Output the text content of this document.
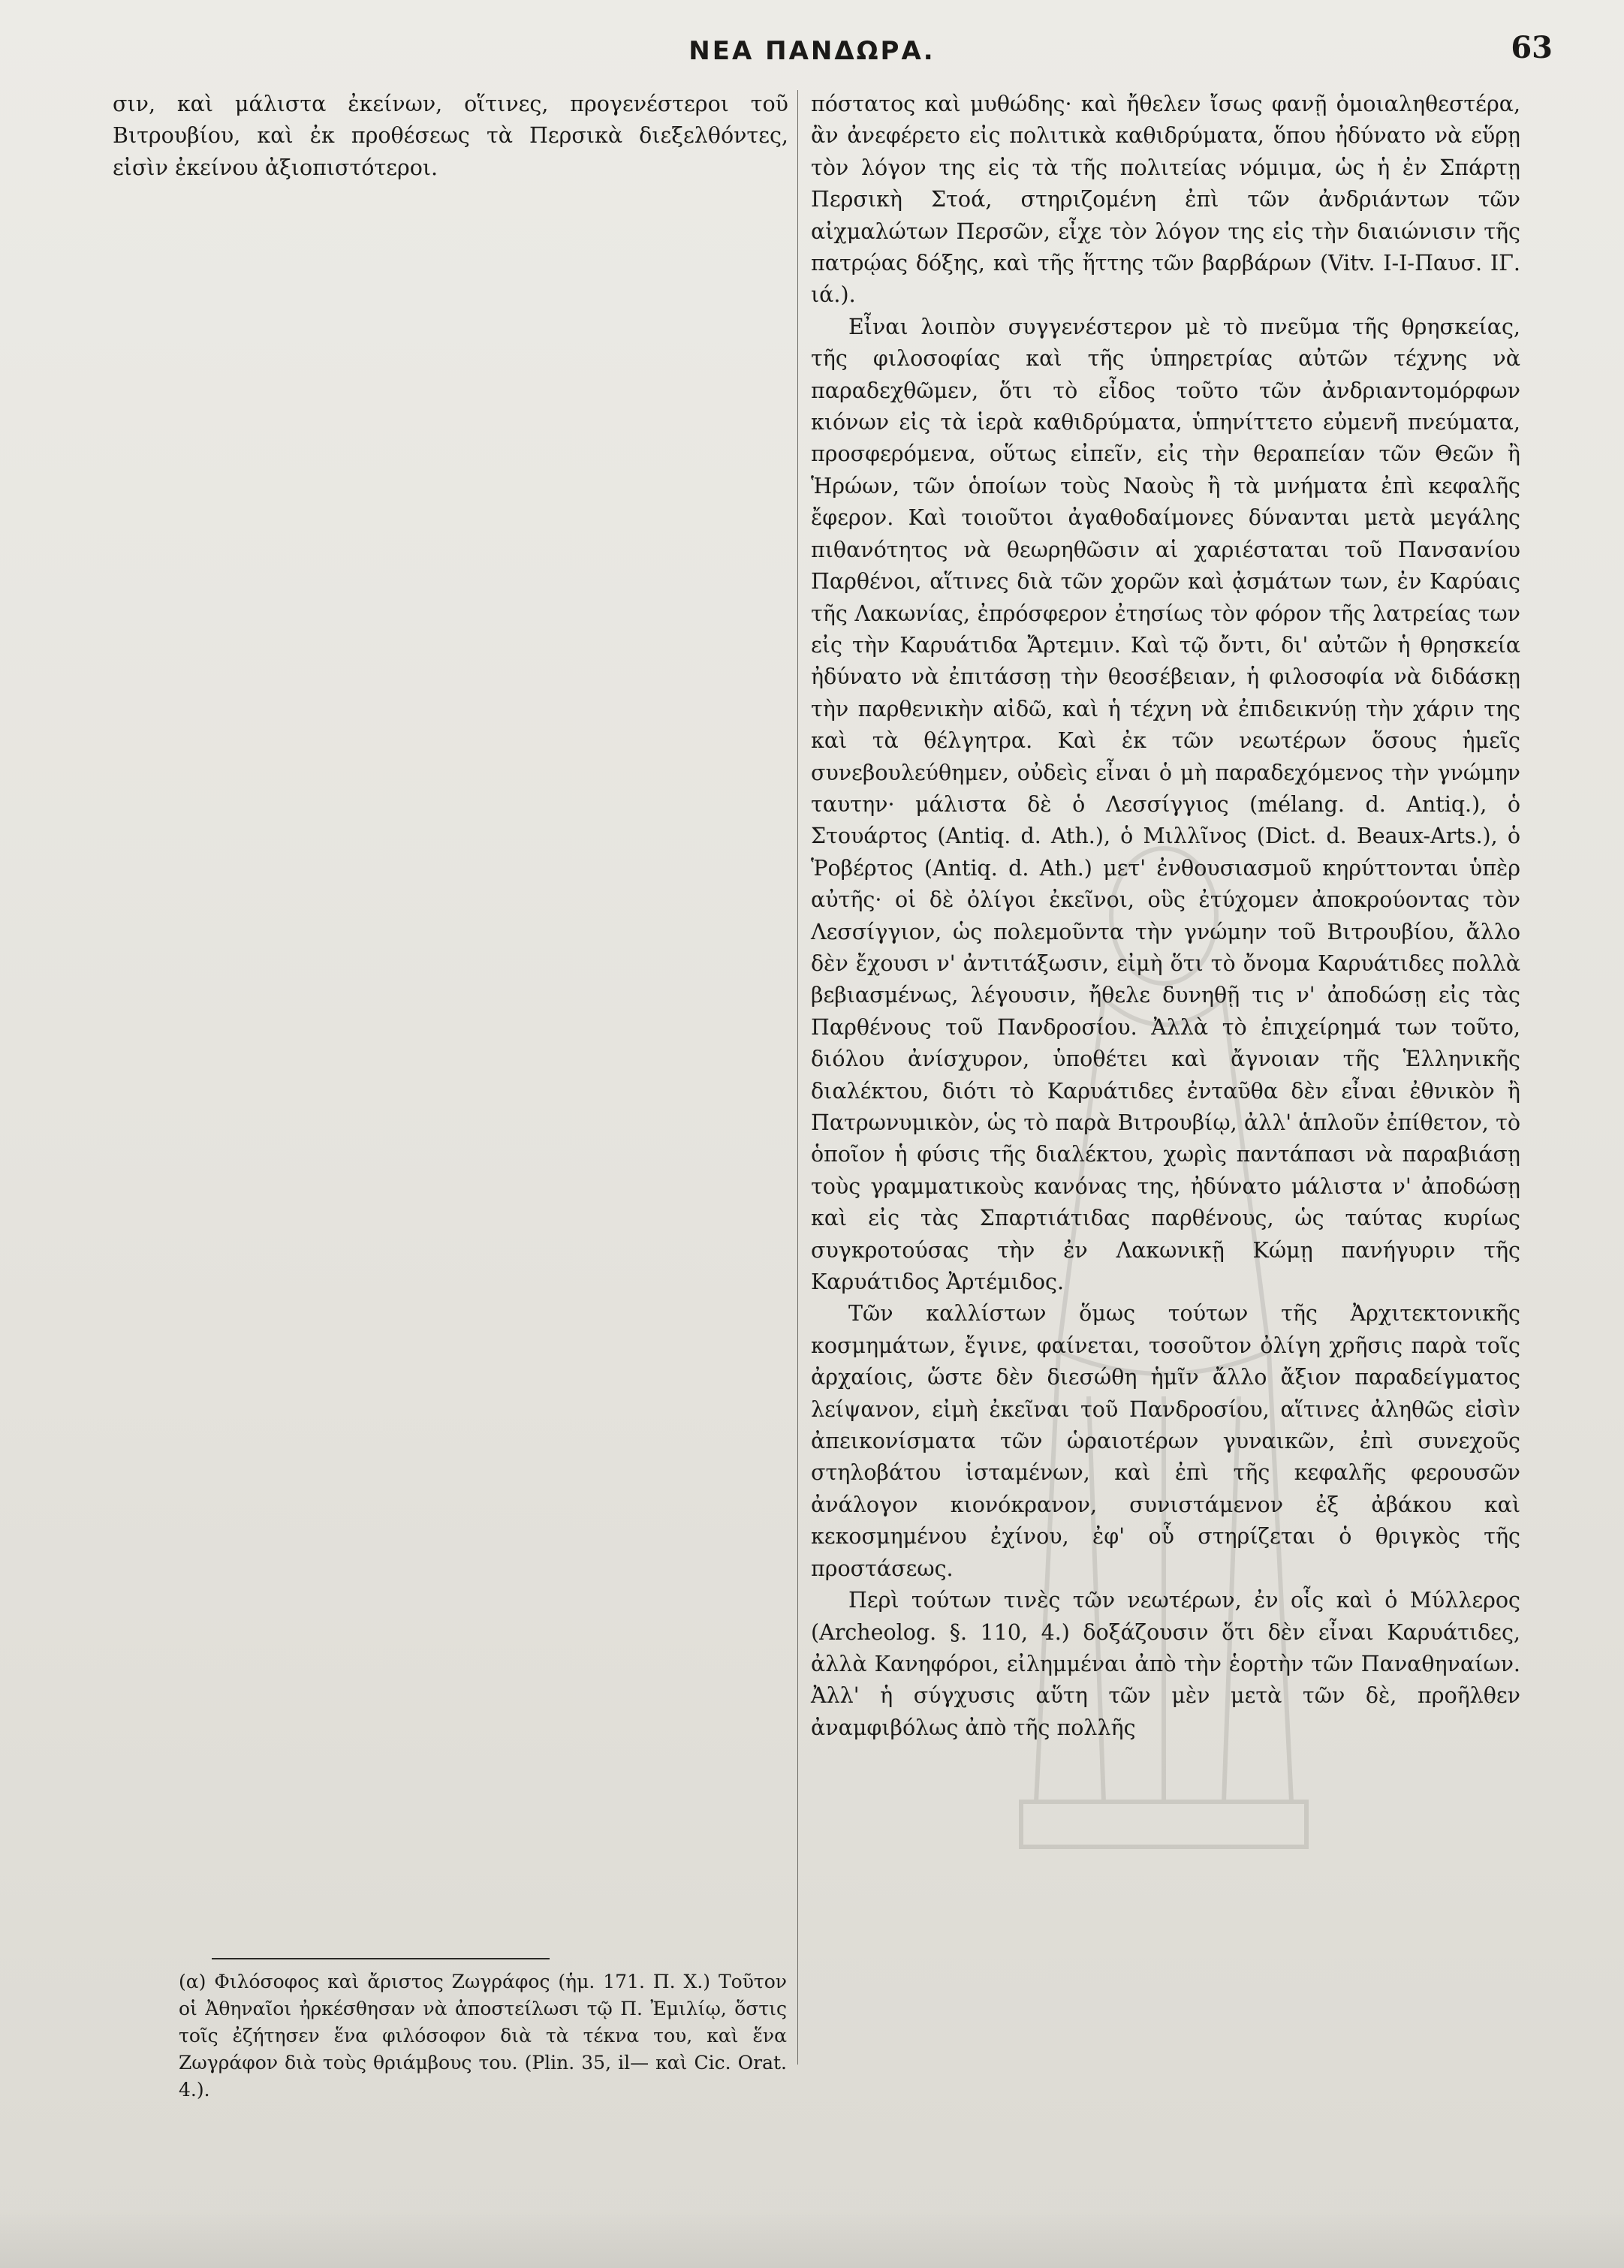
ΝΕΑ ΠΑΝΔΩΡΑ.	63

σιν, καὶ μάλιστα ἐκείνων, οἵτινες, προγενέστεροι τοῦ Βιτρουβίου, καὶ ἐκ προθέσεως τὰ Περσικὰ διεξελθόντες, εἰσὶν ἐκείνου ἀξιοπιστότεροι.

πόστατος καὶ μυθώδης· καὶ ἤθελεν ἴσως φανῇ ὁμοιαληθεστέρα, ἂν ἀνεφέρετο εἰς πολιτικὰ καθιδρύματα, ὅπου ἠδύνατο νὰ εὕρῃ τὸν λόγον της εἰς τὰ τῆς πολιτείας νόμιμα, ὡς ἡ ἐν Σπάρτῃ Περσικὴ Στοά, στηριζομένη ἐπὶ τῶν ἀνδριάντων τῶν αἰχμαλώτων Περσῶν, εἶχε τὸν λόγον της εἰς τὴν διαιώνισιν τῆς πατρῴας δόξης, καὶ τῆς ἥττης τῶν βαρβάρων (Vitv. I-I-Παυσ. ΙΓ. ιά.).

Εἶναι λοιπὸν συγγενέστερον μὲ τὸ πνεῦμα τῆς θρησκείας, τῆς φιλοσοφίας καὶ τῆς ὑπηρετρίας αὐτῶν τέχνης νὰ παραδεχθῶμεν, ὅτι τὸ εἶδος τοῦτο τῶν ἀνδριαντομόρφων κιόνων εἰς τὰ ἱερὰ καθιδρύματα, ὑπηνίττετο εὐμενῆ πνεύματα, προσφερόμενα, οὕτως εἰπεῖν, εἰς τὴν θεραπείαν τῶν Θεῶν ἢ Ἡρώων, τῶν ὁποίων τοὺς Ναοὺς ἢ τὰ μνήματα ἐπὶ κεφαλῆς ἔφερον. Καὶ τοιοῦτοι ἀγαθοδαίμονες δύνανται μετὰ μεγάλης πιθανότητος νὰ θεωρηθῶσιν αἱ χαριέσταται τοῦ Πανσανίου Παρθένοι, αἵτινες διὰ τῶν χορῶν καὶ ᾀσμάτων των, ἐν Καρύαις τῆς Λακωνίας, ἐπρόσφερον ἐτησίως τὸν φόρον τῆς λατρείας των εἰς τὴν Καρυάτιδα Ἄρτεμιν. Καὶ τῷ ὄντι, δι' αὐτῶν ἡ θρησκεία ἠδύνατο νὰ ἐπιτάσσῃ τὴν θεοσέβειαν, ἡ φιλοσοφία νὰ διδάσκῃ τὴν παρθενικὴν αἰδῶ, καὶ ἡ τέχνη νὰ ἐπιδεικνύῃ τὴν χάριν της καὶ τὰ θέλγητρα. Καὶ ἐκ τῶν νεωτέρων ὅσους ἡμεῖς συνεβουλεύθημεν, οὐδεὶς εἶναι ὁ μὴ παραδεχόμενος τὴν γνώμην ταυτην· μάλιστα δὲ ὁ Λεσσίγγιος (mélang. d. Antiq.), ὁ Στουάρτος (Antiq. d. Ath.), ὁ Μιλλῖνος (Dict. d. Beaux-Arts.), ὁ Ῥοβέρτος (Antiq. d. Ath.) μετ' ἐνθουσιασμοῦ κηρύττονται ὑπὲρ αὐτῆς· οἱ δὲ ὀλίγοι ἐκεῖνοι, οὓς ἐτύχομεν ἀποκρούοντας τὸν Λεσσίγγιον, ὡς πολεμοῦντα τὴν γνώμην τοῦ Βιτρουβίου, ἄλλο δὲν ἔχουσι ν' ἀντιτάξωσιν, εἰμὴ ὅτι τὸ ὄνομα Καρυάτιδες πολλὰ βεβιασμένως, λέγουσιν, ἤθελε δυνηθῇ τις ν' ἀποδώσῃ εἰς τὰς Παρθένους τοῦ Πανδροσίου. Ἀλλὰ τὸ ἐπιχείρημά των τοῦτο, διόλου ἀνίσχυρον, ὑποθέτει καὶ ἄγνοιαν τῆς Ἑλληνικῆς διαλέκτου, διότι τὸ Καρυάτιδες ἐνταῦθα δὲν εἶναι ἐθνικὸν ἢ Πατρωνυμικὸν, ὡς τὸ παρὰ Βιτρουβίῳ, ἀλλ' ἁπλοῦν ἐπίθετον, τὸ ὁποῖον ἡ φύσις τῆς διαλέκτου, χωρὶς παντάπασι νὰ παραβιάσῃ τοὺς γραμματικοὺς κανόνας της, ἠδύνατο μάλιστα ν' ἀποδώσῃ καὶ εἰς τὰς Σπαρτιάτιδας παρθένους, ὡς ταύτας κυρίως συγκροτούσας τὴν ἐν Λακωνικῇ Κώμῃ πανήγυριν τῆς Καρυάτιδος Ἀρτέμιδος.

Τῶν καλλίστων ὅμως τούτων τῆς Ἀρχιτεκτονικῆς κοσμημάτων, ἔγινε, φαίνεται, τοσοῦτον ὀλίγη χρῆσις παρὰ τοῖς ἀρχαίοις, ὥστε δὲν διεσώθη ἡμῖν ἄλλο ἄξιον παραδείγματος λείψανον, εἰμὴ ἐκεῖναι τοῦ Πανδροσίου, αἵτινες ἀληθῶς εἰσὶν ἀπεικονίσματα τῶν ὡραιοτέρων γυναικῶν, ἐπὶ συνεχοῦς στηλοβάτου ἱσταμένων, καὶ ἐπὶ τῆς κεφαλῆς φερουσῶν ἀνάλογον κιονόκρανον, συνιστάμενον ἐξ ἀβάκου καὶ κεκοσμημένου ἐχίνου, ἐφ' οὗ στηρίζεται ὁ θριγκὸς τῆς προστάσεως.

Περὶ τούτων τινὲς τῶν νεωτέρων, ἐν οἷς καὶ ὁ Μύλλερος (Archeolog. §. 110, 4.) δοξάζουσιν ὅτι δὲν εἶναι Καρυάτιδες, ἀλλὰ Κανηφόροι, εἰλημμέναι ἀπὸ τὴν ἑορτὴν τῶν Παναθηναίων. Ἀλλ' ἡ σύγχυσις αὕτη τῶν μὲν μετὰ τῶν δὲ, προῆλθεν ἀναμφιβόλως ἀπὸ τῆς πολλῆς

(α) Φιλόσοφος καὶ ἄριστος Ζωγράφος (ἡμ. 171. Π. Χ.) Τοῦτον οἱ Ἀθηναῖοι ἠρκέσθησαν νὰ ἀποστείλωσι τῷ Π. Ἐμιλίῳ, ὅστις τοῖς ἐζήτησεν ἕνα φιλόσοφον διὰ τὰ τέκνα του, καὶ ἕνα Ζωγράφον διὰ τοὺς θριάμβους του. (Plin. 35, il— καὶ Cic. Orat. 4.).
